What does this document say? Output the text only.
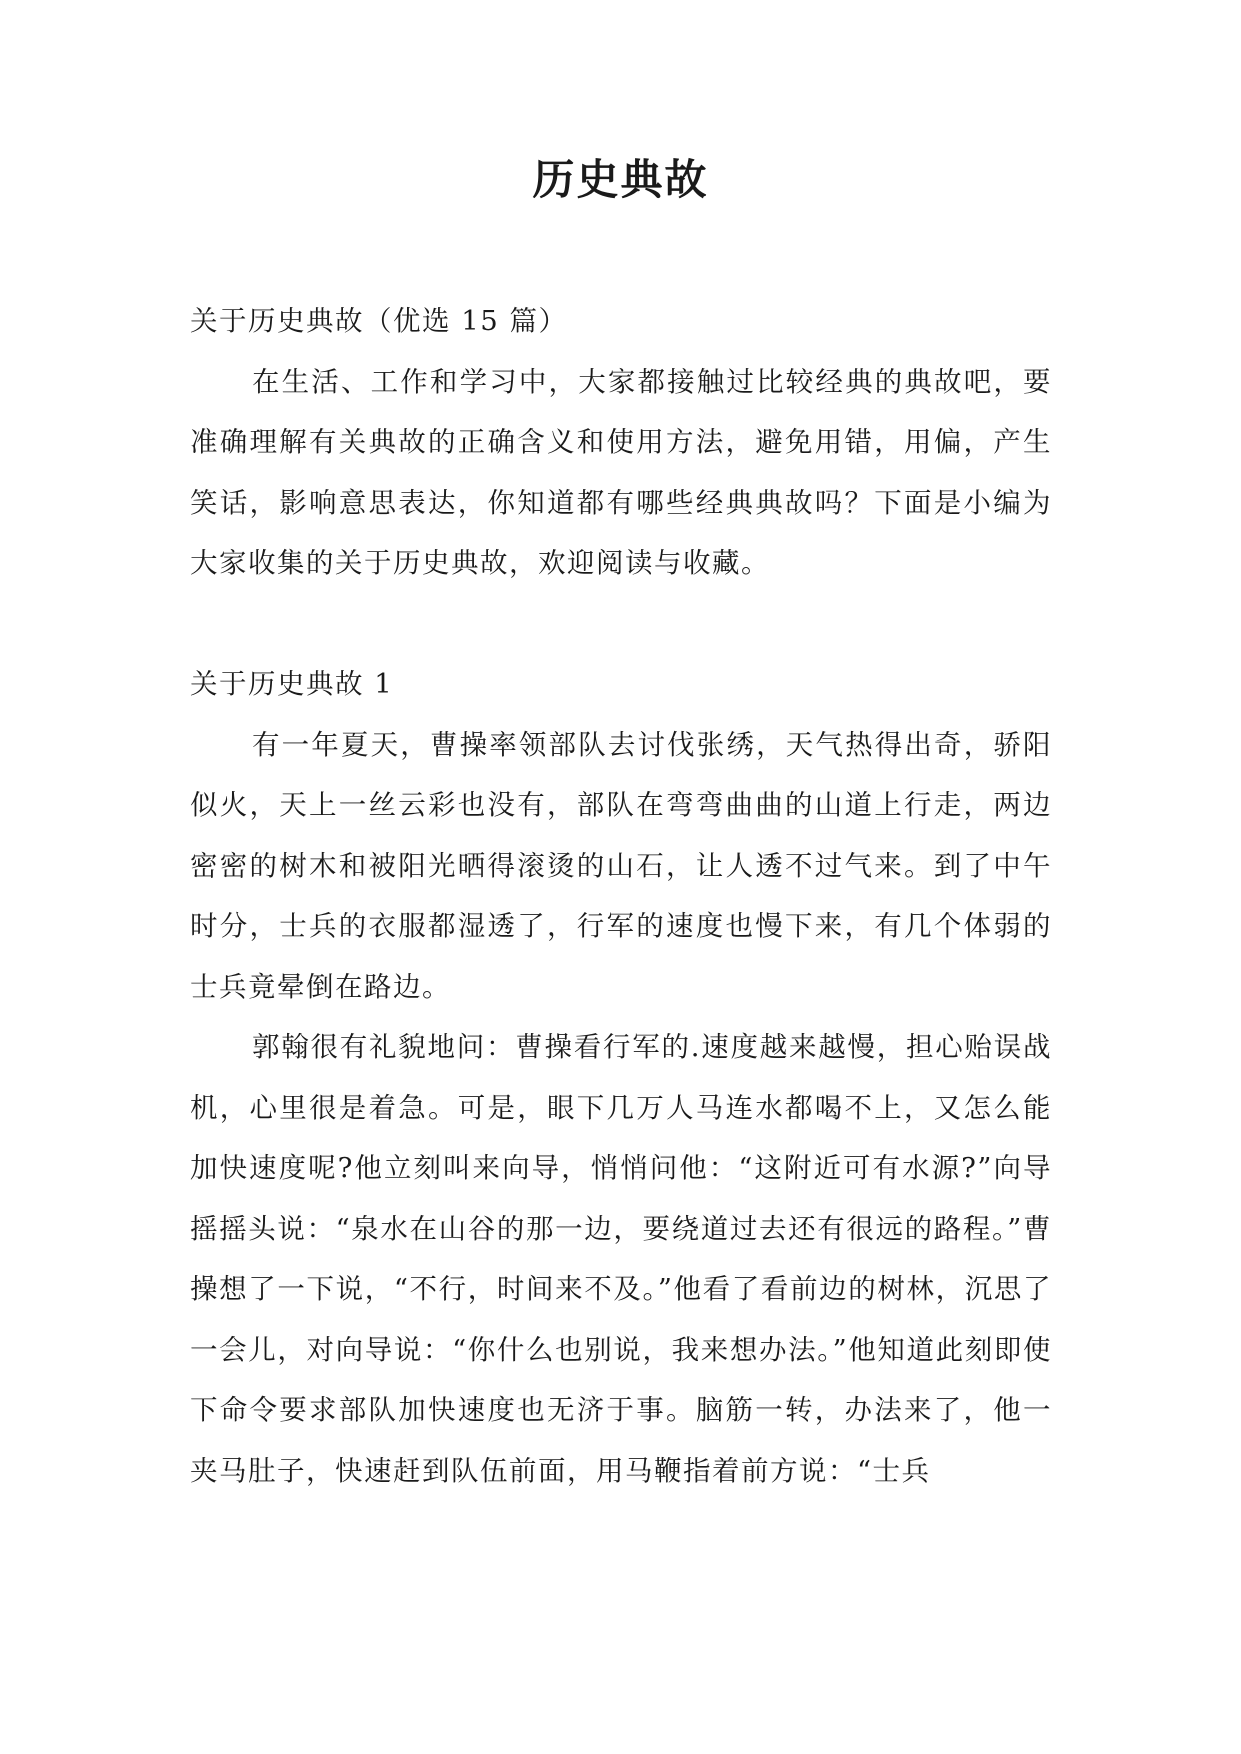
历史典故

关于历史典故（优选 15 篇）

在生活、工作和学习中，大家都接触过比较经典的典故吧，要准确理解有关典故的正确含义和使用方法，避免用错，用偏，产生笑话，影响意思表达，你知道都有哪些经典典故吗？下面是小编为大家收集的关于历史典故，欢迎阅读与收藏。

关于历史典故 1

有一年夏天，曹操率领部队去讨伐张绣，天气热得出奇，骄阳似火，天上一丝云彩也没有，部队在弯弯曲曲的山道上行走，两边密密的树木和被阳光晒得滚烫的山石，让人透不过气来。到了中午时分，士兵的衣服都湿透了，行军的速度也慢下来，有几个体弱的士兵竟晕倒在路边。

郭翰很有礼貌地问：曹操看行军的.速度越来越慢，担心贻误战机，心里很是着急。可是，眼下几万人马连水都喝不上，又怎么能加快速度呢?他立刻叫来向导，悄悄问他：“这附近可有水源?”向导摇摇头说：“泉水在山谷的那一边，要绕道过去还有很远的路程。”曹操想了一下说，“不行，时间来不及。”他看了看前边的树林，沉思了一会儿，对向导说：“你什么也别说，我来想办法。”他知道此刻即使下命令要求部队加快速度也无济于事。脑筋一转，办法来了，他一夹马肚子，快速赶到队伍前面，用马鞭指着前方说：“士兵
